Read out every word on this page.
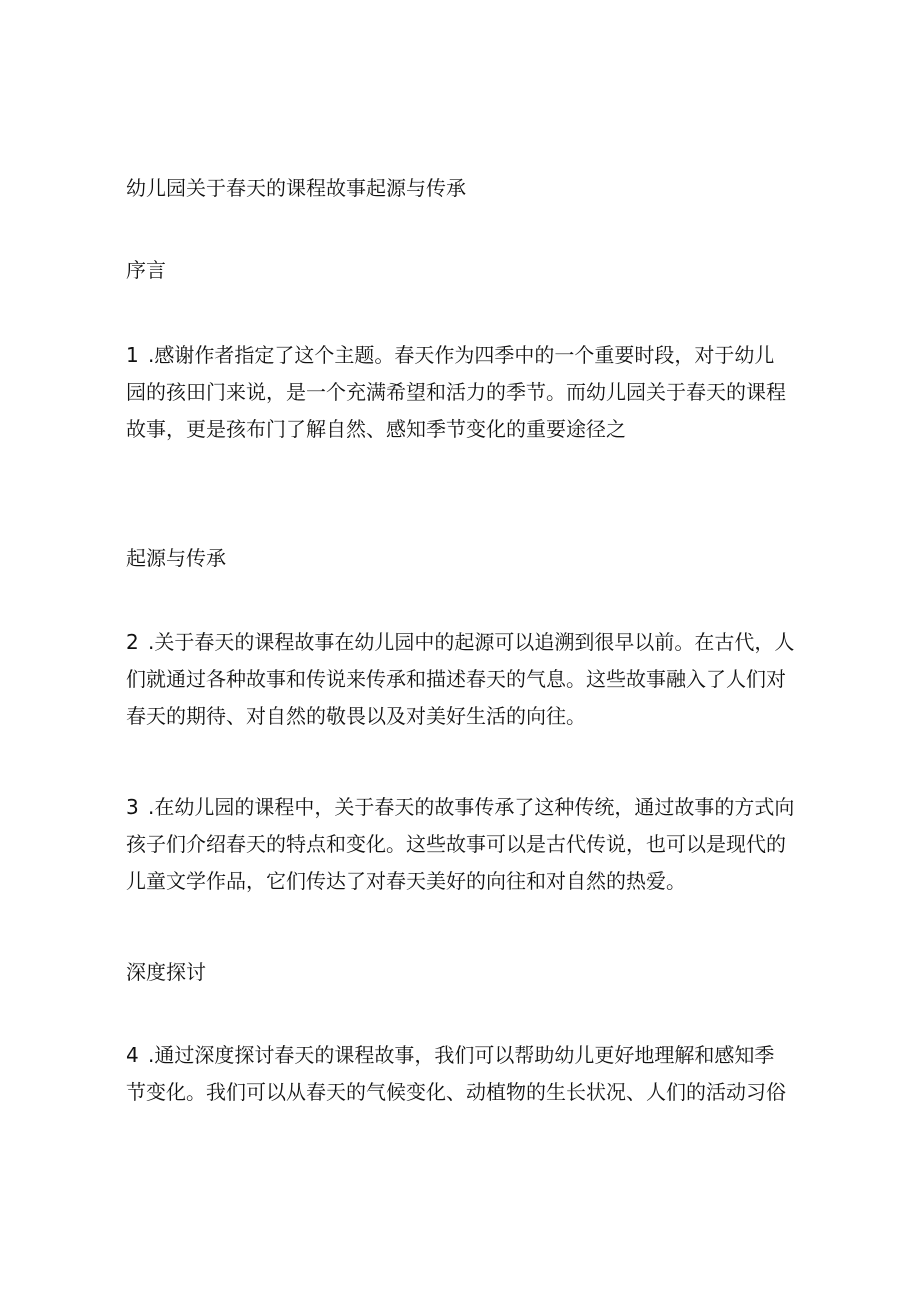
幼儿园关于春天的课程故事起源与传承
序言
1 .感谢作者指定了这个主题。春天作为四季中的一个重要时段，对于幼儿
园的孩田门来说，是一个充满希望和活力的季节。而幼儿园关于春天的课程
故事，更是孩布门了解自然、感知季节变化的重要途径之
起源与传承
2 .关于春天的课程故事在幼儿园中的起源可以追溯到很早以前。在古代，人
们就通过各种故事和传说来传承和描述春天的气息。这些故事融入了人们对
春天的期待、对自然的敬畏以及对美好生活的向往。
3 .在幼儿园的课程中，关于春天的故事传承了这种传统，通过故事的方式向
孩子们介绍春天的特点和变化。这些故事可以是古代传说，也可以是现代的
儿童文学作品，它们传达了对春天美好的向往和对自然的热爱。
深度探讨
4 .通过深度探讨春天的课程故事，我们可以帮助幼儿更好地理解和感知季
节变化。我们可以从春天的气候变化、动植物的生长状况、人们的活动习俗
